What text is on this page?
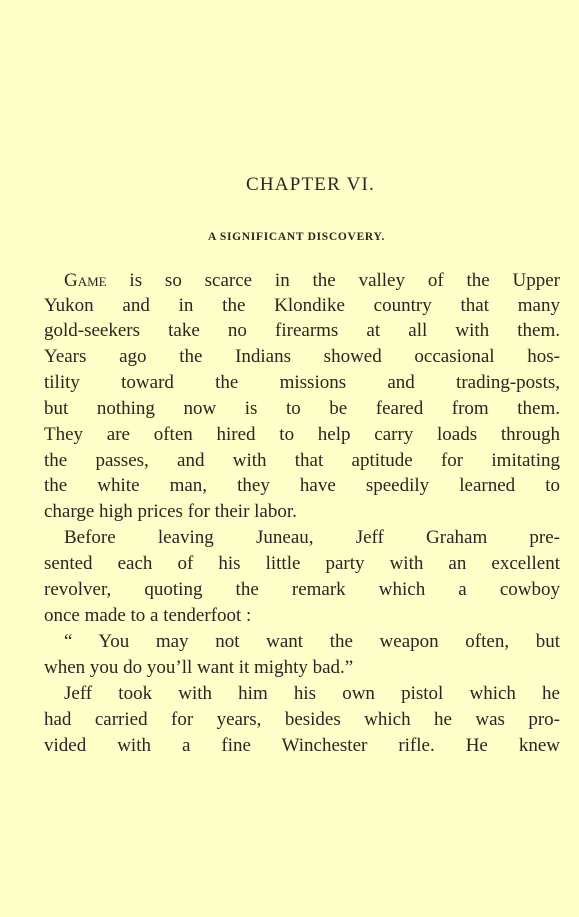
CHAPTER VI.
A SIGNIFICANT DISCOVERY.
Game is so scarce in the valley of the Upper
Yukon and in the Klondike country that many
gold-seekers take no firearms at all with them.
Years ago the Indians showed occasional hos-
tility toward the missions and trading-posts,
but nothing now is to be feared from them.
They are often hired to help carry loads through
the passes, and with that aptitude for imitating
the white man, they have speedily learned to
charge high prices for their labor.
Before leaving Juneau, Jeff Graham pre-
sented each of his little party with an excellent
revolver, quoting the remark which a cowboy
once made to a tenderfoot :
“ You may not want the weapon often, but
when you do you’ll want it mighty bad.”
Jeff took with him his own pistol which he
had carried for years, besides which he was pro-
vided with a fine Winchester rifle. He knew
